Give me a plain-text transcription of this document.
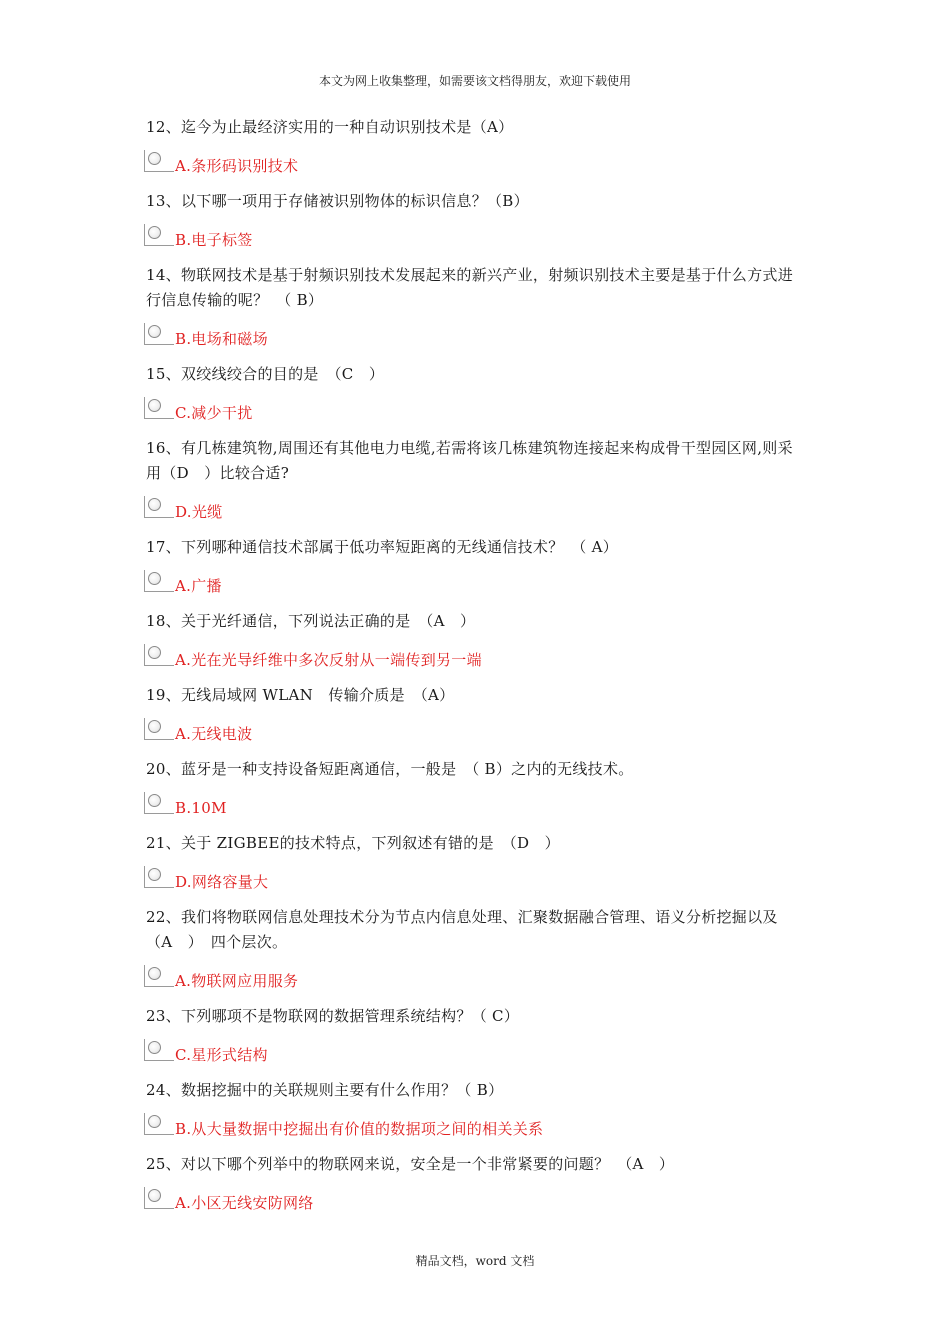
本文为网上收集整理，如需要该文档得朋友，欢迎下载使用

12、迄今为止最经济实用的一种自动识别技术是（A）

A.条形码识别技术

13、以下哪一项用于存储被识别物体的标识信息？（B）

B.电子标签

14、物联网技术是基于射频识别技术发展起来的新兴产业，射频识别技术主要是基于什么方式进行信息传输的呢？　（ B）

B.电场和磁场

15、双绞线绞合的目的是　（C　）

C.减少干扰

16、有几栋建筑物,周围还有其他电力电缆,若需将该几栋建筑物连接起来构成骨干型园区网,则采用（D　）比较合适?

D.光缆

17、下列哪种通信技术部属于低功率短距离的无线通信技术？　（ A）

A.广播

18、关于光纤通信，下列说法正确的是　（A　）

A.光在光导纤维中多次反射从一端传到另一端

19、无线局域网 WLAN　传输介质是　（A）

A.无线电波

20、蓝牙是一种支持设备短距离通信，一般是　（ B）之内的无线技术。

B.10M

21、关于 ZIGBEE的技术特点，下列叙述有错的是　（D　）

D.网络容量大

22、我们将物联网信息处理技术分为节点内信息处理、汇聚数据融合管理、语义分析挖掘以及　（A　）　四个层次。

A.物联网应用服务

23、下列哪项不是物联网的数据管理系统结构？（ C）

C.星形式结构

24、数据挖掘中的关联规则主要有什么作用？（ B）

B.从大量数据中挖掘出有价值的数据项之间的相关关系

25、对以下哪个列举中的物联网来说，安全是一个非常紧要的问题？　（A　）

A.小区无线安防网络
精品文档，word 文档
